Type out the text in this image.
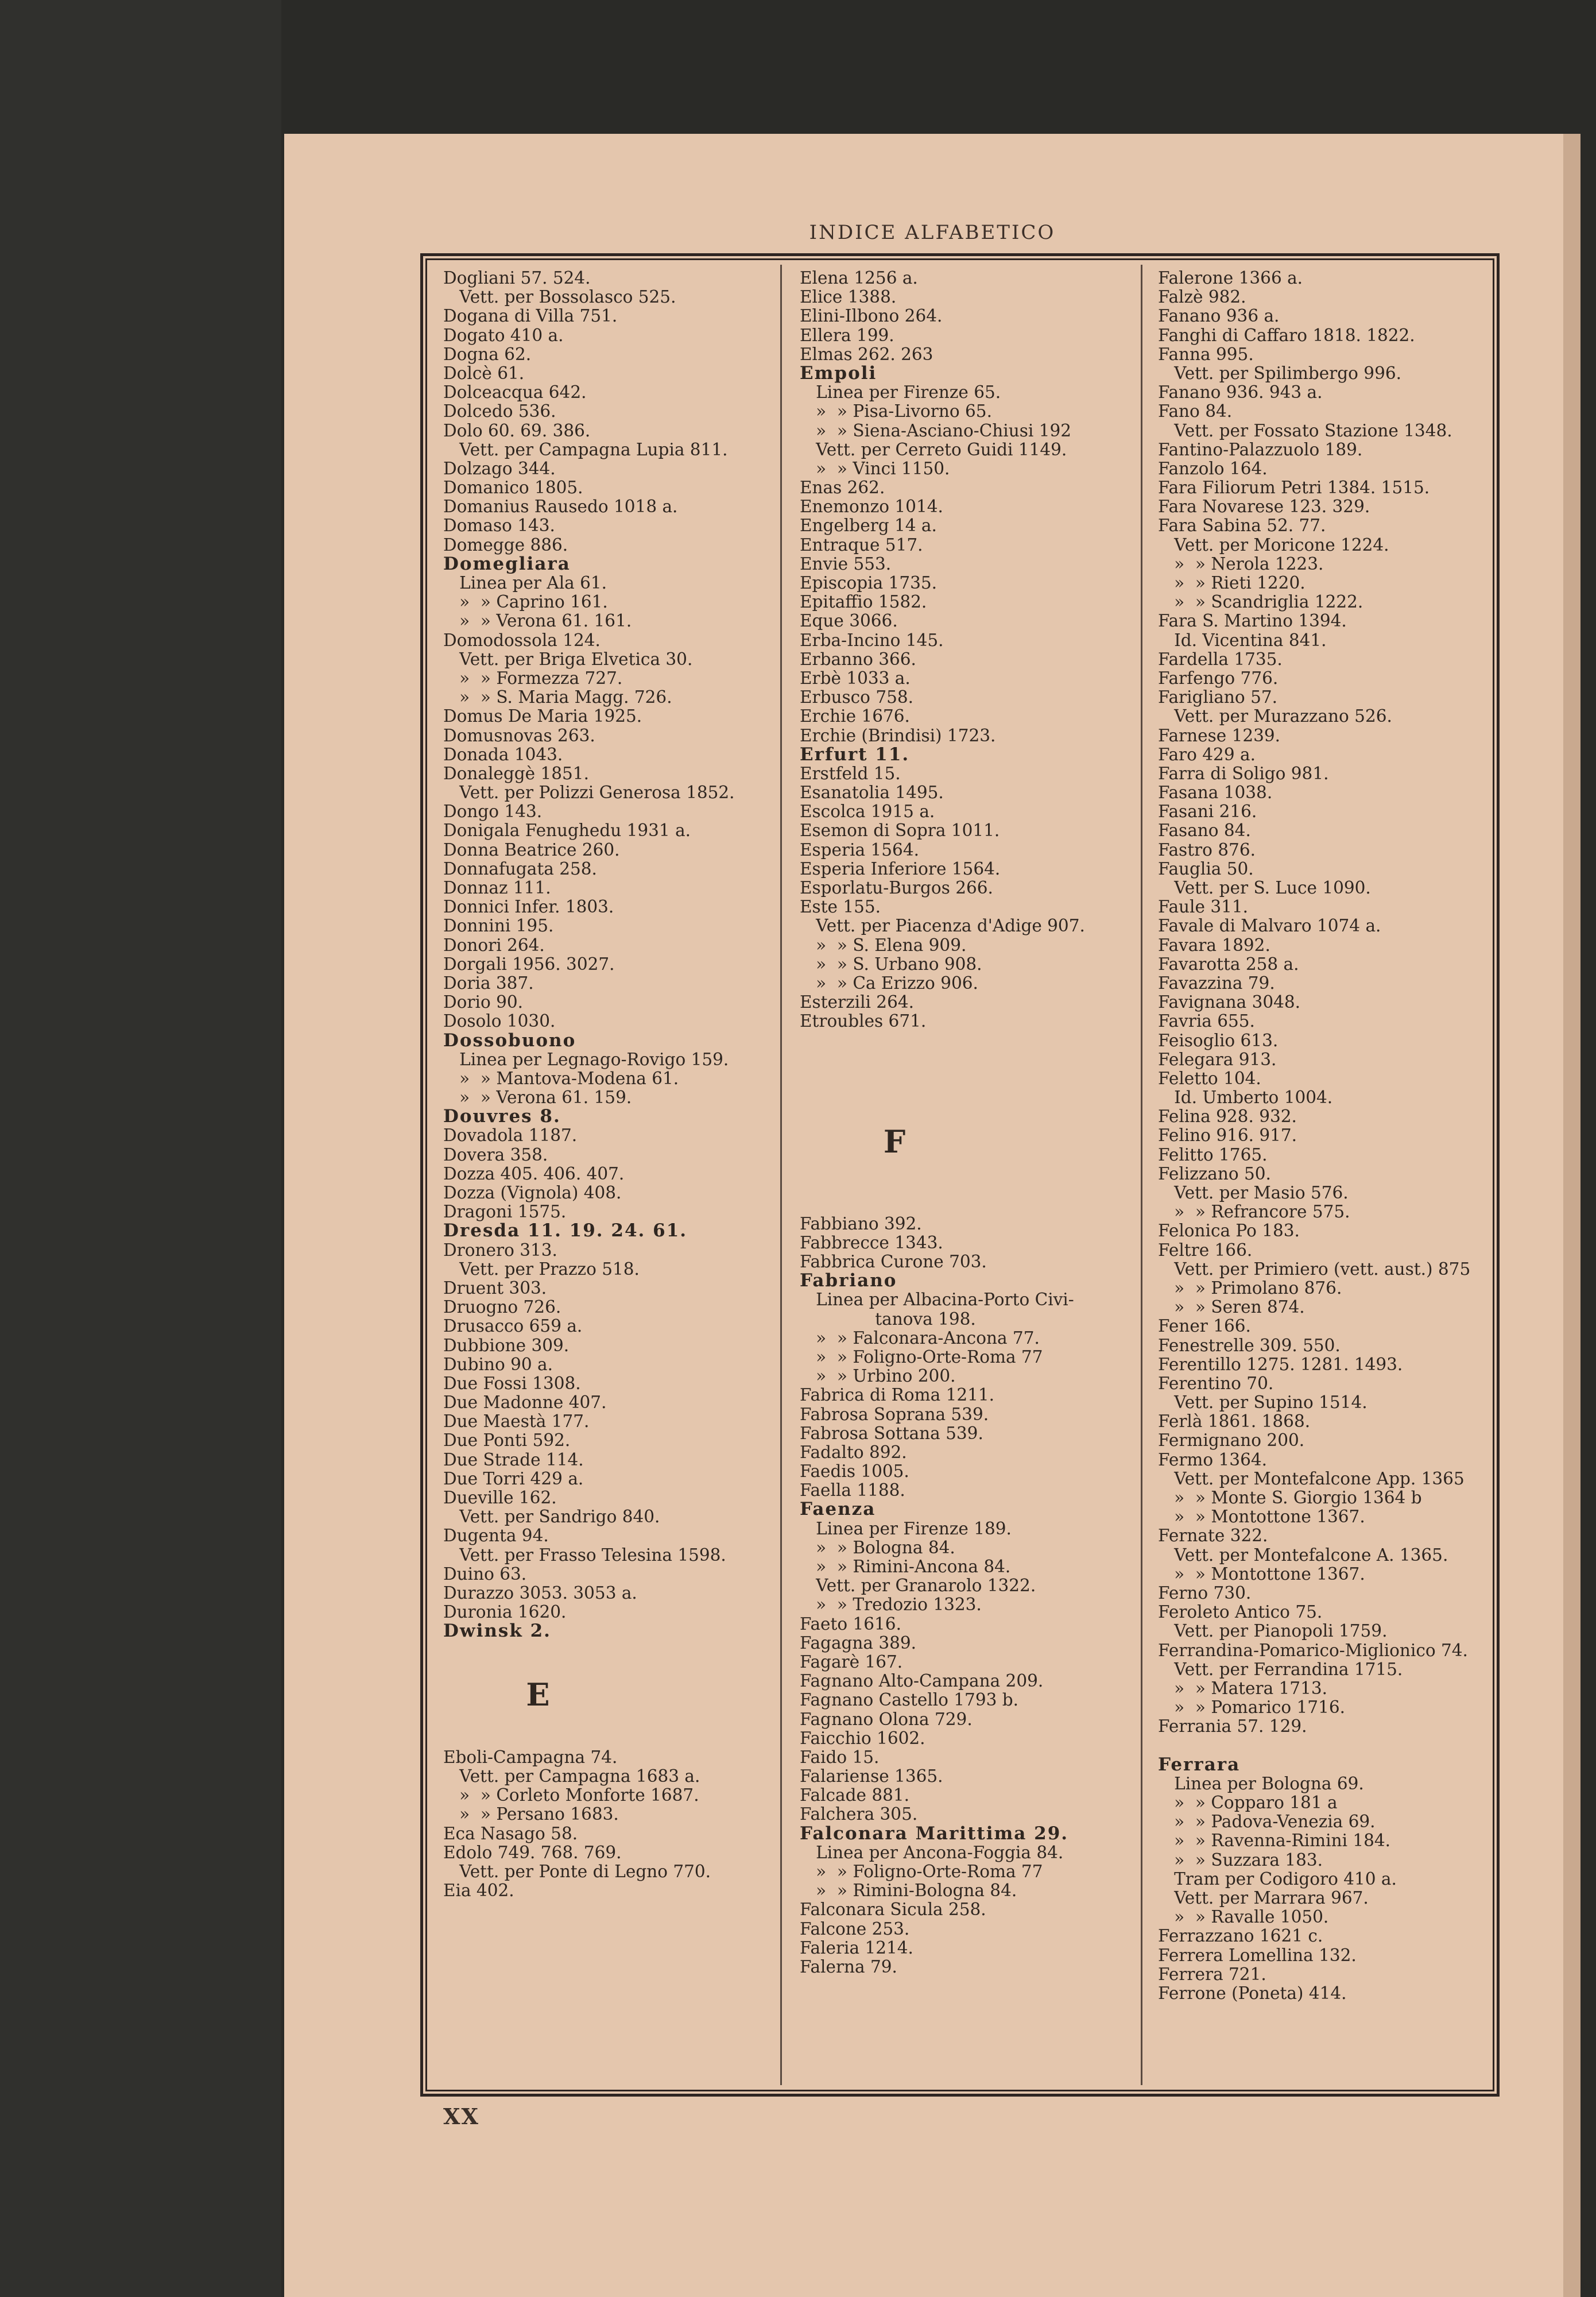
INDICE ALFABETICO
Dogliani 57. 524.
Vett. per Bossolasco 525.
Dogana di Villa 751.
Dogato 410 a.
Dogna 62.
Dolcè 61.
Dolceacqua 642.
Dolcedo 536.
Dolo 60. 69. 386.
Vett. per Campagna Lupia 811.
Dolzago 344.
Domanico 1805.
Domanius Rausedo 1018 a.
Domaso 143.
Domegge 886.
Domegliara
Linea per Ala 61.
»  » Caprino 161.
»  » Verona 61. 161.
Domodossola 124.
Vett. per Briga Elvetica 30.
»  » Formezza 727.
»  » S. Maria Magg. 726.
Domus De Maria 1925.
Domusnovas 263.
Donada 1043.
Donaleggè 1851.
Vett. per Polizzi Generosa 1852.
Dongo 143.
Donigala Fenughedu 1931 a.
Donna Beatrice 260.
Donnafugata 258.
Donnaz 111.
Donnici Infer. 1803.
Donnini 195.
Donori 264.
Dorgali 1956. 3027.
Doria 387.
Dorio 90.
Dosolo 1030.
Dossobuono
Linea per Legnago-Rovigo 159.
»  » Mantova-Modena 61.
»  » Verona 61. 159.
Douvres 8.
Dovadola 1187.
Dovera 358.
Dozza 405. 406. 407.
Dozza (Vignola) 408.
Dragoni 1575.
Dresda 11. 19. 24. 61.
Dronero 313.
Vett. per Prazzo 518.
Druent 303.
Druogno 726.
Drusacco 659 a.
Dubbione 309.
Dubino 90 a.
Due Fossi 1308.
Due Madonne 407.
Due Maestà 177.
Due Ponti 592.
Due Strade 114.
Due Torri 429 a.
Dueville 162.
Vett. per Sandrigo 840.
Dugenta 94.
Vett. per Frasso Telesina 1598.
Duino 63.
Durazzo 3053. 3053 a.
Duronia 1620.
Dwinsk 2.
E
Eboli-Campagna 74.
Vett. per Campagna 1683 a.
»  » Corleto Monforte 1687.
»  » Persano 1683.
Eca Nasago 58.
Edolo 749. 768. 769.
Vett. per Ponte di Legno 770.
Eia 402.
Elena 1256 a.
Elice 1388.
Elini-Ilbono 264.
Ellera 199.
Elmas 262. 263
Empoli
Linea per Firenze 65.
»  » Pisa-Livorno 65.
»  » Siena-Asciano-Chiusi 192
Vett. per Cerreto Guidi 1149.
»  » Vinci 1150.
Enas 262.
Enemonzo 1014.
Engelberg 14 a.
Entraque 517.
Envie 553.
Episcopia 1735.
Epitaffio 1582.
Eque 3066.
Erba-Incino 145.
Erbanno 366.
Erbè 1033 a.
Erbusco 758.
Erchie 1676.
Erchie (Brindisi) 1723.
Erfurt 11.
Erstfeld 15.
Esanatolia 1495.
Escolca 1915 a.
Esemon di Sopra 1011.
Esperia 1564.
Esperia Inferiore 1564.
Esporlatu-Burgos 266.
Este 155.
Vett. per Piacenza d'Adige 907.
»  » S. Elena 909.
»  » S. Urbano 908.
»  » Ca Erizzo 906.
Esterzili 264.
Etroubles 671.
F
Fabbiano 392.
Fabbrecce 1343.
Fabbrica Curone 703.
Fabriano
Linea per Albacina-Porto Civi-
tanova 198.
»  » Falconara-Ancona 77.
»  » Foligno-Orte-Roma 77
»  » Urbino 200.
Fabrica di Roma 1211.
Fabrosa Soprana 539.
Fabrosa Sottana 539.
Fadalto 892.
Faedis 1005.
Faella 1188.
Faenza
Linea per Firenze 189.
»  » Bologna 84.
»  » Rimini-Ancona 84.
Vett. per Granarolo 1322.
»  » Tredozio 1323.
Faeto 1616.
Fagagna 389.
Fagarè 167.
Fagnano Alto-Campana 209.
Fagnano Castello 1793 b.
Fagnano Olona 729.
Faicchio 1602.
Faido 15.
Falariense 1365.
Falcade 881.
Falchera 305.
Falconara Marittima 29.
Linea per Ancona-Foggia 84.
»  » Foligno-Orte-Roma 77
»  » Rimini-Bologna 84.
Falconara Sicula 258.
Falcone 253.
Faleria 1214.
Falerna 79.
Falerone 1366 a.
Falzè 982.
Fanano 936 a.
Fanghi di Caffaro 1818. 1822.
Fanna 995.
Vett. per Spilimbergo 996.
Fanano 936. 943 a.
Fano 84.
Vett. per Fossato Stazione 1348.
Fantino-Palazzuolo 189.
Fanzolo 164.
Fara Filiorum Petri 1384. 1515.
Fara Novarese 123. 329.
Fara Sabina 52. 77.
Vett. per Moricone 1224.
»  » Nerola 1223.
»  » Rieti 1220.
»  » Scandriglia 1222.
Fara S. Martino 1394.
Id. Vicentina 841.
Fardella 1735.
Farfengo 776.
Farigliano 57.
Vett. per Murazzano 526.
Farnese 1239.
Faro 429 a.
Farra di Soligo 981.
Fasana 1038.
Fasani 216.
Fasano 84.
Fastro 876.
Fauglia 50.
Vett. per S. Luce 1090.
Faule 311.
Favale di Malvaro 1074 a.
Favara 1892.
Favarotta 258 a.
Favazzina 79.
Favignana 3048.
Favria 655.
Feisoglio 613.
Felegara 913.
Feletto 104.
Id. Umberto 1004.
Felina 928. 932.
Felino 916. 917.
Felitto 1765.
Felizzano 50.
Vett. per Masio 576.
»  » Refrancore 575.
Felonica Po 183.
Feltre 166.
Vett. per Primiero (vett. aust.) 875
»  » Primolano 876.
»  » Seren 874.
Fener 166.
Fenestrelle 309. 550.
Ferentillo 1275. 1281. 1493.
Ferentino 70.
Vett. per Supino 1514.
Ferlà 1861. 1868.
Fermignano 200.
Fermo 1364.
Vett. per Montefalcone App. 1365
»  » Monte S. Giorgio 1364 b
»  » Montottone 1367.
Fernate 322.
Vett. per Montefalcone A. 1365.
»  » Montottone 1367.
Ferno 730.
Feroleto Antico 75.
Vett. per Pianopoli 1759.
Ferrandina-Pomarico-Miglionico 74.
Vett. per Ferrandina 1715.
»  » Matera 1713.
»  » Pomarico 1716.
Ferrania 57. 129.
Ferrara
Linea per Bologna 69.
»  » Copparo 181 a
»  » Padova-Venezia 69.
»  » Ravenna-Rimini 184.
»  » Suzzara 183.
Tram per Codigoro 410 a.
Vett. per Marrara 967.
»  » Ravalle 1050.
Ferrazzano 1621 c.
Ferrera Lomellina 132.
Ferrera 721.
Ferrone (Poneta) 414.
XX
